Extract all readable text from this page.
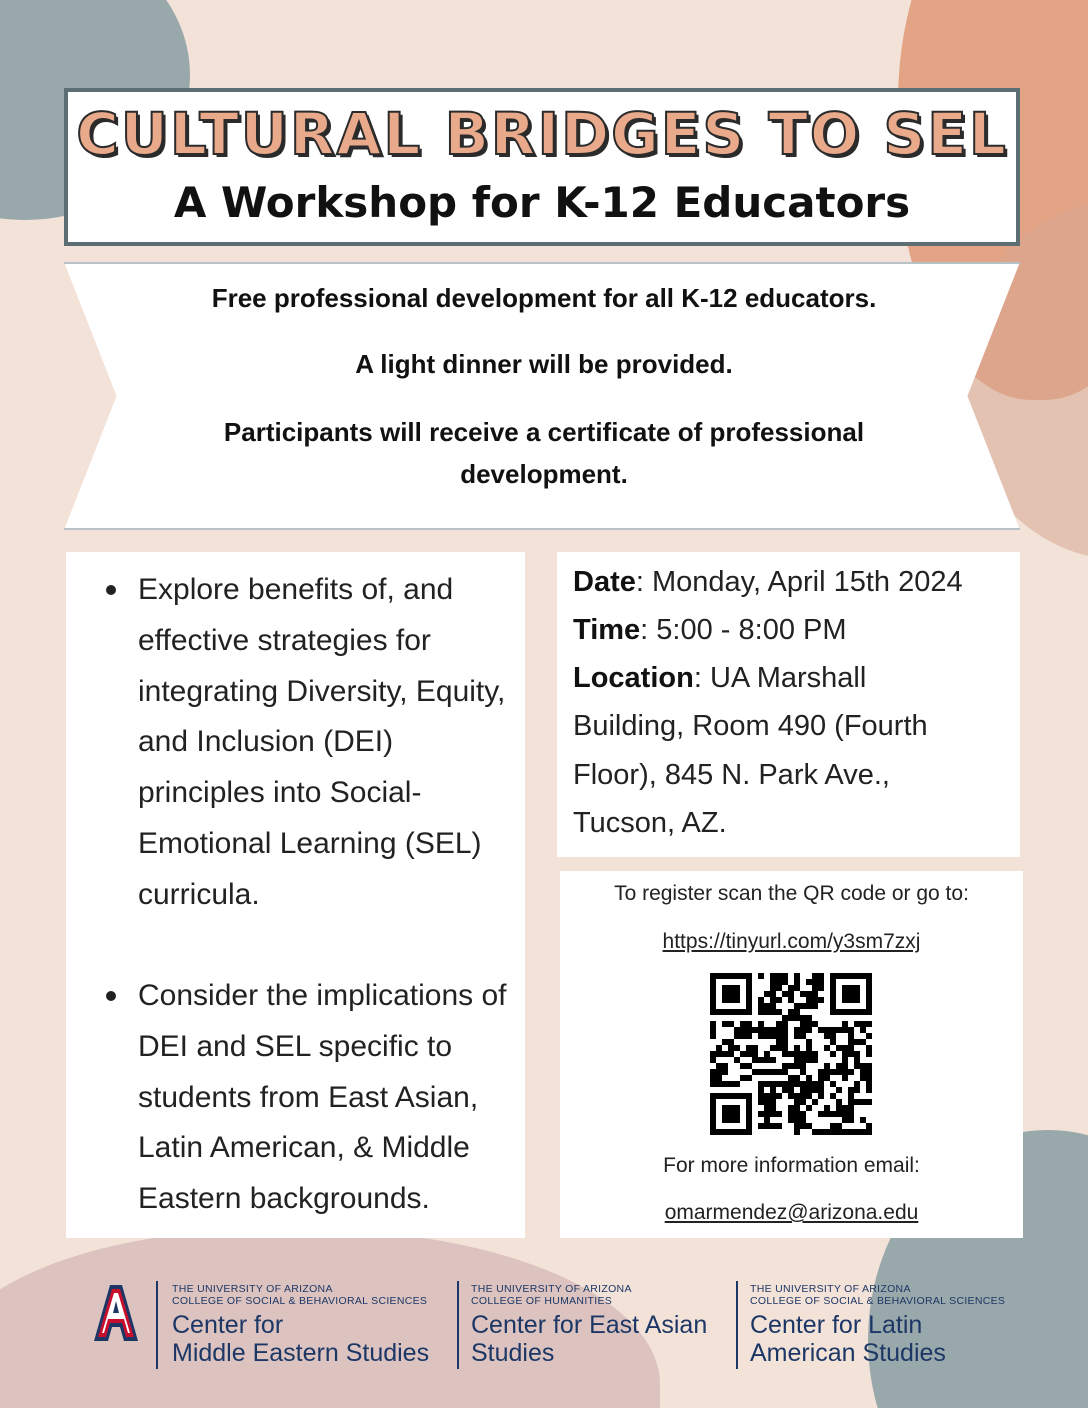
CULTURAL BRIDGES TO SEL
A Workshop for K-12 Educators
Free professional development for all K-12 educators.
A light dinner will be provided.
Participants will receive a certificate of professional development.
Explore benefits of, and effective strategies for integrating Diversity, Equity, and Inclusion (DEI) principles into Social-Emotional Learning (SEL) curricula.
Consider the implications of DEI and SEL specific to students from East Asian, Latin American, & Middle Eastern backgrounds.
Date: Monday, April 15th 2024
Time: 5:00 - 8:00 PM
Location: UA Marshall Building, Room 490 (Fourth Floor), 845 N. Park Ave., Tucson, AZ.
To register scan the QR code or go to:
https://tinyurl.com/y3sm7zxj
For more information email:
omarmendez@arizona.edu
THE UNIVERSITY OF ARIZONA
COLLEGE OF SOCIAL & BEHAVIORAL SCIENCES
Center for
Middle Eastern Studies
THE UNIVERSITY OF ARIZONA
COLLEGE OF HUMANITIES
Center for East Asian
Studies
THE UNIVERSITY OF ARIZONA
COLLEGE OF SOCIAL & BEHAVIORAL SCIENCES
Center for Latin
American Studies
